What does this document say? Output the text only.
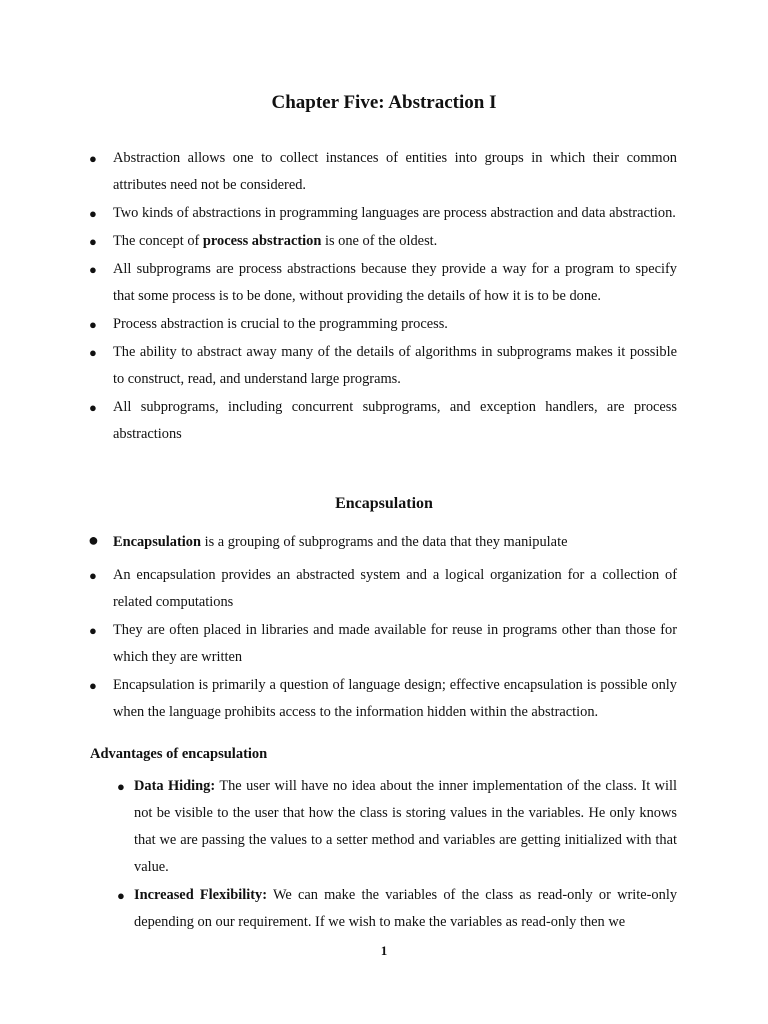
Chapter Five: Abstraction I
● Abstraction allows one to collect instances of entities into groups in which their common attributes need not be considered.
● Two kinds of abstractions in programming languages are process abstraction and data abstraction.
● The concept of process abstraction is one of the oldest.
● All subprograms are process abstractions because they provide a way for a program to specify that some process is to be done, without providing the details of how it is to be done.
● Process abstraction is crucial to the programming process.
● The ability to abstract away many of the details of algorithms in subprograms makes it possible to construct, read, and understand large programs.
● All subprograms, including concurrent subprograms, and exception handlers, are process abstractions
Encapsulation
● Encapsulation is a grouping of subprograms and the data that they manipulate
● An encapsulation provides an abstracted system and a logical organization for a collection of related computations
● They are often placed in libraries and made available for reuse in programs other than those for which they are written
● Encapsulation is primarily a question of language design; effective encapsulation is possible only when the language prohibits access to the information hidden within the abstraction.
Advantages of encapsulation
● Data Hiding: The user will have no idea about the inner implementation of the class. It will not be visible to the user that how the class is storing values in the variables. He only knows that we are passing the values to a setter method and variables are getting initialized with that value.
● Increased Flexibility: We can make the variables of the class as read-only or write-only depending on our requirement. If we wish to make the variables as read-only then we
1
